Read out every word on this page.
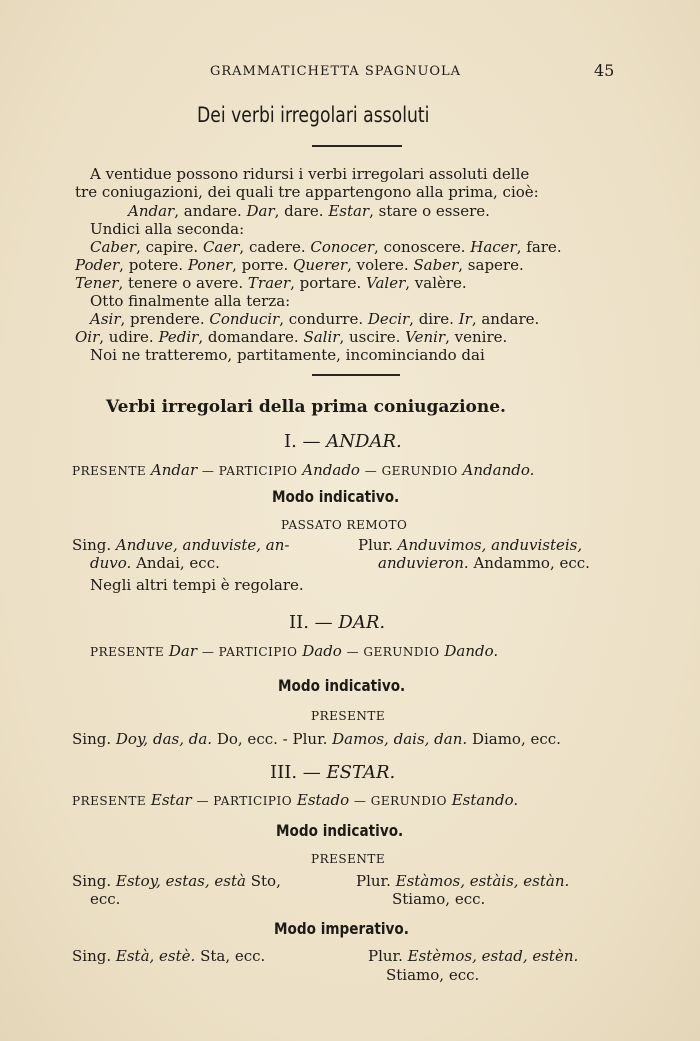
GRAMMATICHETTA SPAGNUOLA	45
Dei verbi irregolari assoluti
A ventidue possono ridursi i verbi irregolari assoluti delle
tre coniugazioni, dei quali tre appartengono alla prima, cioè:
Andar, andare. Dar, dare. Estar, stare o essere.
Undici alla seconda:
Caber, capire. Caer, cadere. Conocer, conoscere. Hacer, fare.
Poder, potere. Poner, porre. Querer, volere. Saber, sapere.
Tener, tenere o avere. Traer, portare. Valer, valère.
Otto finalmente alla terza:
Asir, prendere. Conducir, condurre. Decir, dire. Ir, andare.
Oir, udire. Pedir, domandare. Salir, uscire. Venir, venire.
Noi ne tratteremo, partitamente, incominciando dai
Verbi irregolari della prima coniugazione.
I. — ANDAR.
PRESENTE Andar — PARTICIPIO Andado — GERUNDIO Andando.
Modo indicativo.
PASSATO REMOTO
Sing. Anduve, anduviste, an-
duvo. Andai, ecc.
Plur. Anduvimos, anduvisteis,
anduvieron. Andammo, ecc.
Negli altri tempi è regolare.
II. — DAR.
PRESENTE Dar — PARTICIPIO Dado — GERUNDIO Dando.
Modo indicativo.
PRESENTE
Sing. Doy, das, da. Do, ecc. - Plur. Damos, dais, dan. Diamo, ecc.
III. — ESTAR.
PRESENTE Estar — PARTICIPIO Estado — GERUNDIO Estando.
Modo indicativo.
PRESENTE
Sing. Estoy, estas, està Sto,
ecc.
Plur. Estàmos, estàis, estàn.
Stiamo, ecc.
Modo imperativo.
Sing. Està, estè. Sta, ecc.	Plur. Estèmos, estad, estèn.
Stiamo, ecc.
